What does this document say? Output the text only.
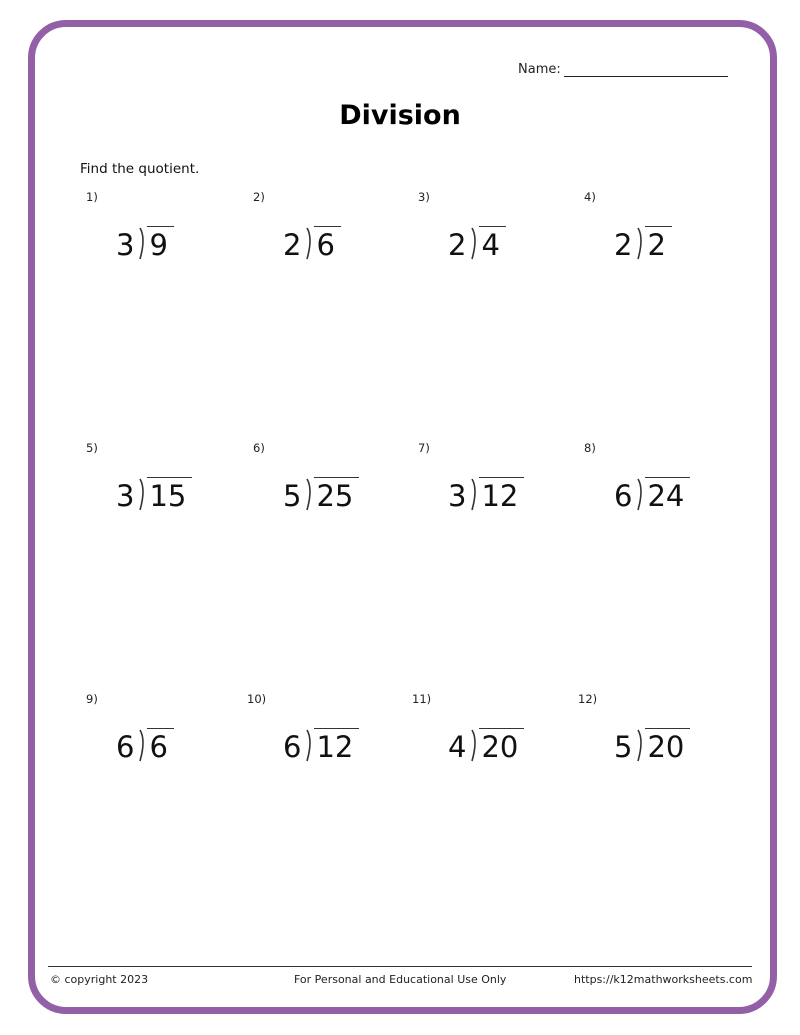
Name:
Division
Find the quotient.
1)
3 9
2)
2 6
3)
2 4
4)
2 2
5)
3 15
6)
5 25
7)
3 12
8)
6 24
9)
6 6
10)
6 12
11)
4 20
12)
5 20
© copyright 2023	For Personal and Educational Use Only	https://k12mathworksheets.com
